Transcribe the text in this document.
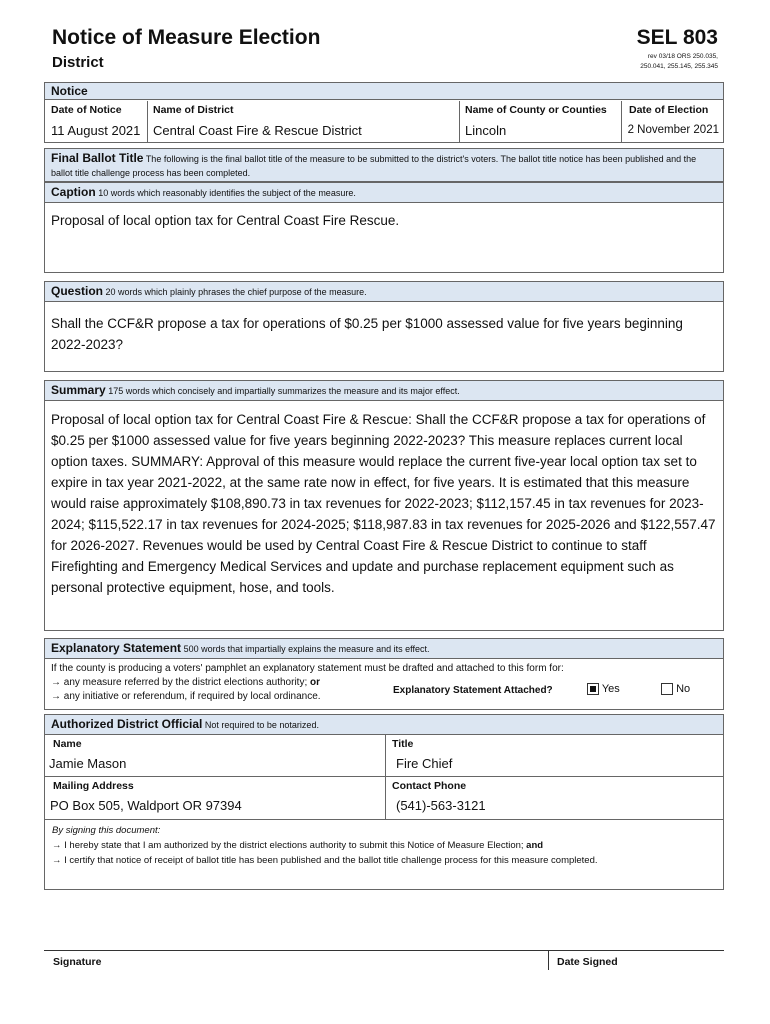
Notice of Measure Election
District
SEL 803
rev 03/18 ORS 250.035,
250.041, 255.145, 255.345
Notice
Date of Notice
11 August 2021
Name of District
Central Coast Fire & Rescue District
Name of County or Counties
Lincoln
Date of Election
2 November 2021
Final Ballot Title The following is the final ballot title of the measure to be submitted to the district's voters. The ballot title notice has been published and the ballot title challenge process has been completed.
Caption 10 words which reasonably identifies the subject of the measure.
Proposal of local option tax for Central Coast Fire Rescue.
Question 20 words which plainly phrases the chief purpose of the measure.
Shall the CCF&R propose a tax for operations of $0.25 per $1000 assessed value for five years beginning 2022-2023?
Summary 175 words which concisely and impartially summarizes the measure and its major effect.
Proposal of local option tax for Central Coast Fire & Rescue: Shall the CCF&R propose a tax for operations of $0.25 per $1000 assessed value for five years beginning 2022-2023? This measure replaces current local option taxes. SUMMARY: Approval of this measure would replace the current five-year local option tax set to expire in tax year 2021-2022, at the same rate now in effect, for five years. It is estimated that this measure would raise approximately $108,890.73 in tax revenues for 2022-2023; $112,157.45 in tax revenues for 2023-2024; $115,522.17 in tax revenues for 2024-2025; $118,987.83 in tax revenues for 2025-2026 and $122,557.47 for 2026-2027. Revenues would be used by Central Coast Fire & Rescue District to continue to staff Firefighting and Emergency Medical Services and update and purchase replacement equipment such as personal protective equipment, hose, and tools.
Explanatory Statement 500 words that impartially explains the measure and its effect.
If the county is producing a voters' pamphlet an explanatory statement must be drafted and attached to this form for:
→ any measure referred by the district elections authority; or
→ any initiative or referendum, if required by local ordinance.
Explanatory Statement Attached?	Yes	No
Authorized District Official Not required to be notarized.
Name
Jamie Mason
Title
Fire Chief
Mailing Address
PO Box 505, Waldport OR 97394
Contact Phone
(541)-563-3121
By signing this document:
→ I hereby state that I am authorized by the district elections authority to submit this Notice of Measure Election; and
→ I certify that notice of receipt of ballot title has been published and the ballot title challenge process for this measure completed.
Signature	Date Signed
